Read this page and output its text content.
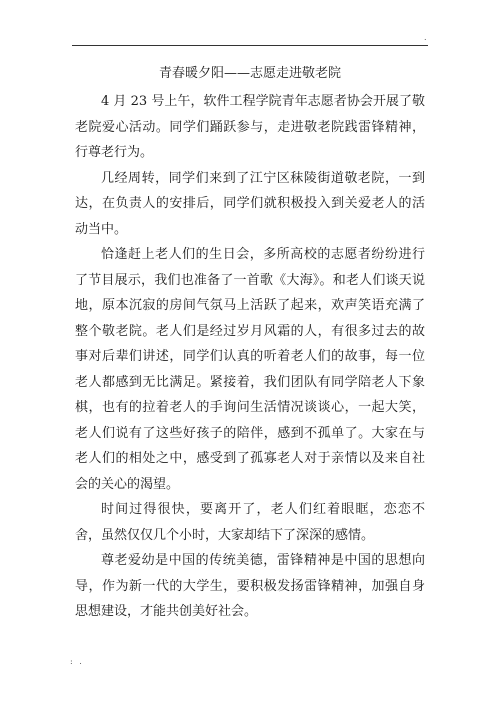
.
青春暖夕阳——志愿走进敬老院

4 月 23 号上午，软件工程学院青年志愿者协会开展了敬老院爱心活动。同学们踊跃参与，走进敬老院践雷锋精神，行尊老行为。

几经周转，同学们来到了江宁区秣陵街道敬老院，一到达，在负责人的安排后，同学们就积极投入到关爱老人的活动当中。

恰逢赶上老人们的生日会，多所高校的志愿者纷纷进行了节目展示，我们也准备了一首歌《大海》。和老人们谈天说地，原本沉寂的房间气氛马上活跃了起来，欢声笑语充满了整个敬老院。老人们是经过岁月风霜的人，有很多过去的故事对后辈们讲述，同学们认真的听着老人们的故事，每一位老人都感到无比满足。紧接着，我们团队有同学陪老人下象棋，也有的拉着老人的手询问生活情况谈谈心，一起大笑，老人们说有了这些好孩子的陪伴，感到不孤单了。大家在与老人们的相处之中，感受到了孤寡老人对于亲情以及来自社会的关心的渴望。

时间过得很快，要离开了，老人们红着眼眶，恋恋不舍，虽然仅仅几个小时，大家却结下了深深的感情。

尊老爱幼是中国的传统美德，雷锋精神是中国的思想向导，作为新一代的大学生，要积极发扬雷锋精神，加强自身思想建设，才能共创美好社会。

: .
